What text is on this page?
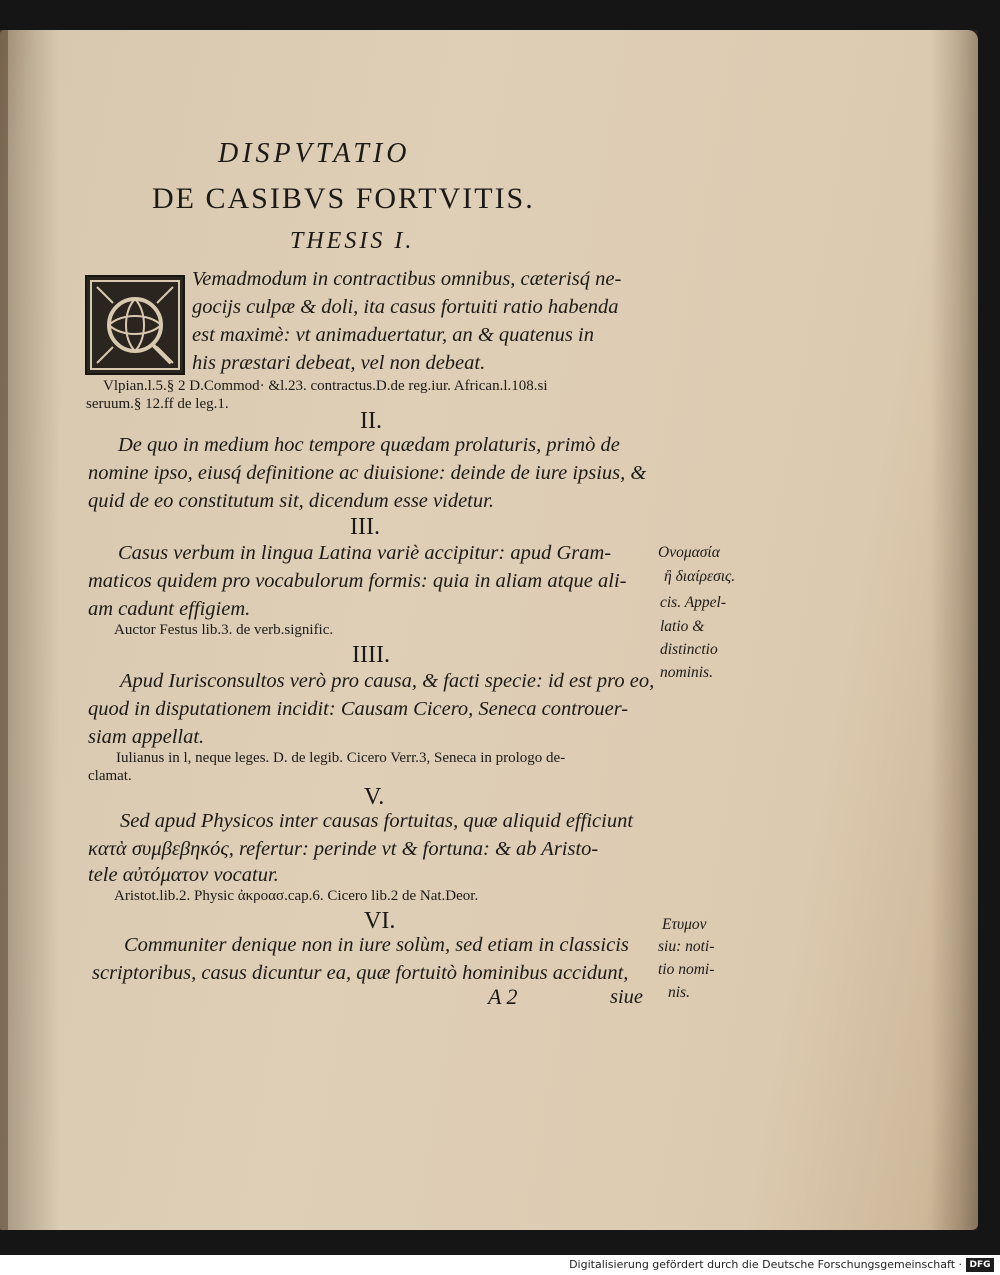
DISPVTATIO
DE CASIBVS FORTVITIS.
THESIS I.
Vemadmodum in contractibus omnibus, cæterisq́ ne-
gocijs culpæ & doli, ita casus fortuiti ratio habenda
est maximè: vt animaduertatur, an & quatenus in
his præstari debeat, vel non debeat.
Vlpian.l.5.§ 2 D.Commod· &l.23. contractus.D.de reg.iur. African.l.108.si
seruum.§ 12.ff de leg.1.
II.
De quo in medium hoc tempore quædam prolaturis, primò de
nomine ipso, eiusq́ definitione ac diuisione: deinde de iure ipsius, &
quid de eo constitutum sit, dicendum esse videtur.
III.
Casus verbum in lingua Latina variè accipitur: apud Gram-
maticos quidem pro vocabulorum formis: quia in aliam atque ali-
am cadunt effigiem.
Auctor Festus lib.3. de verb.signific.
IIII.
Apud Iurisconsultos verò pro causa, & facti specie: id est pro eo,
quod in disputationem incidit: Causam Cicero, Seneca controuer-
siam appellat.
Iulianus in l, neque leges. D. de legib. Cicero Verr.3, Seneca in prologo de-
clamat.
V.
Sed apud Physicos inter causas fortuitas, quæ aliquid efficiunt
κατὰ συμβεβηκός, refertur: perinde vt & fortuna: & ab Aristo-
tele αὐτόματον vocatur.
Aristot.lib.2. Physic ἀκροασ.cap.6. Cicero lib.2 de Nat.Deor.
VI.
Communiter denique non in iure solùm, sed etiam in classicis
scriptoribus, casus dicuntur ea, quæ fortuitò hominibus accidunt,
A 2	siue
Ονομασία
ἢ διαίρεσις.
cis. Appel-
latio &
distinctio
nominis.
Ετυμον
siu: noti-
tio nomi-
nis.
Digitalisierung gefördert durch die Deutsche Forschungsgemeinschaft · DFG
